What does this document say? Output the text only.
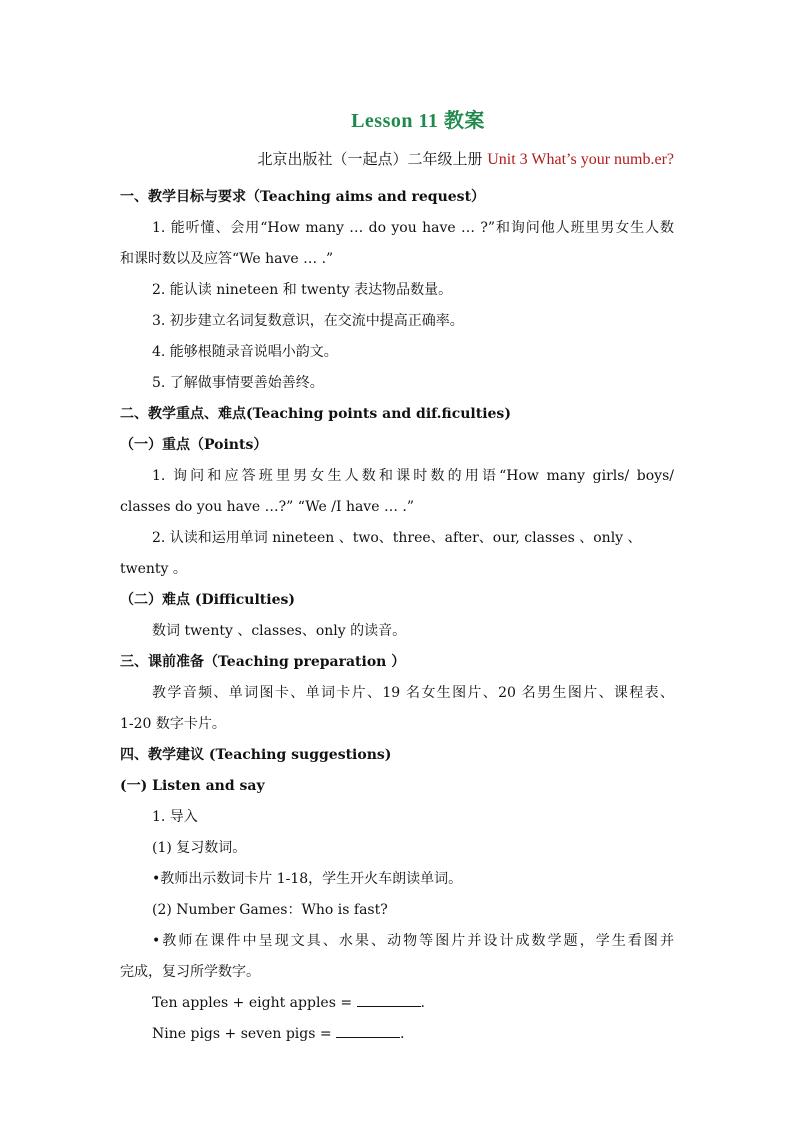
Lesson 11 教案
北京出版社（一起点）二年级上册 Unit 3 What’s your numb.er?

一、教学目标与要求（Teaching aims and request）

1. 能听懂、会用“How many … do you have … ?”和询问他人班里男女生人数

和课时数以及应答“We have … .”

2. 能认读 nineteen 和 twenty 表达物品数量。

3. 初步建立名词复数意识，在交流中提高正确率。

4. 能够根随录音说唱小韵文。

5. 了解做事情要善始善终。

二、教学重点、难点(Teaching points and dif.ficulties)

（一）重点（Points）

1. 询问和应答班里男女生人数和课时数的用语“How many girls/ boys/

classes do you have …?” “We /I have … .”

2. 认读和运用单词 nineteen 、two、three、after、our, classes 、only 、twenty 。

（二）难点 (Difficulties)

数词 twenty 、classes、only 的读音。

三、课前准备（Teaching preparation ）

教学音频、单词图卡、单词卡片、19 名女生图片、20 名男生图片、课程表、

1-20 数字卡片。

四、教学建议 (Teaching suggestions)

(一) Listen and say

1. 导入

(1) 复习数词。

•教师出示数词卡片 1-18，学生开火车朗读单词。

(2) Number Games：Who is fast?

•教师在课件中呈现文具、水果、动物等图片并设计成数学题，学生看图并

完成，复习所学数字。

Ten apples + eight apples =	.

Nine pigs + seven pigs =	.
